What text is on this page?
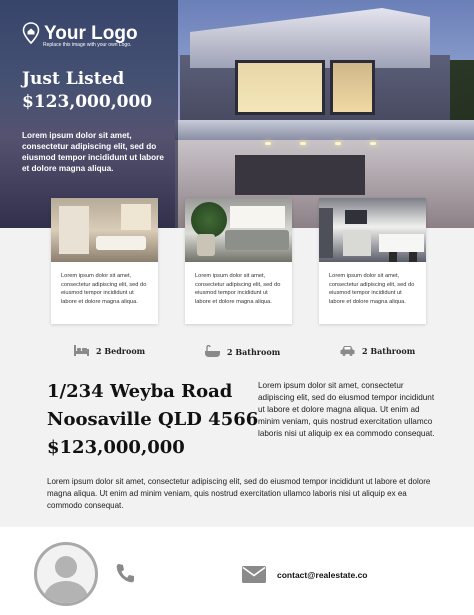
Your Logo
Replace this image with your own Logo.
Just Listed
$123,000,000
Lorem ipsum dolor sit amet, consectetur adipiscing elit, sed do eiusmod tempor incididunt ut labore et dolore magna aliqua.
Lorem ipsum dolor sit amet, consectetur adipiscing elit, sed do eiusmod tempor incididunt ut labore et dolore magna aliqua.
Lorem ipsum dolor sit amet, consectetur adipiscing elit, sed do eiusmod tempor incididunt ut labore et dolore magna aliqua.
Lorem ipsum dolor sit amet, consectetur adipiscing elit, sed do eiusmod tempor incididunt ut labore et dolore magna aliqua.
2 Bedroom	2 Bathroom	2 Bathroom
1/234 Weyba Road
Noosaville QLD 4566
$123,000,000
Lorem ipsum dolor sit amet, consectetur adipiscing elit, sed do eiusmod tempor incididunt ut labore et dolore magna aliqua. Ut enim ad minim veniam, quis nostrud exercitation ullamco laboris nisi ut aliquip ex ea commodo consequat.
Lorem ipsum dolor sit amet, consectetur adipiscing elit, sed do eiusmod tempor incididunt ut labore et dolore magna aliqua. Ut enim ad minim veniam, quis nostrud exercitation ullamco laboris nisi ut aliquip ex ea commodo consequat.
contact@realestate.co
